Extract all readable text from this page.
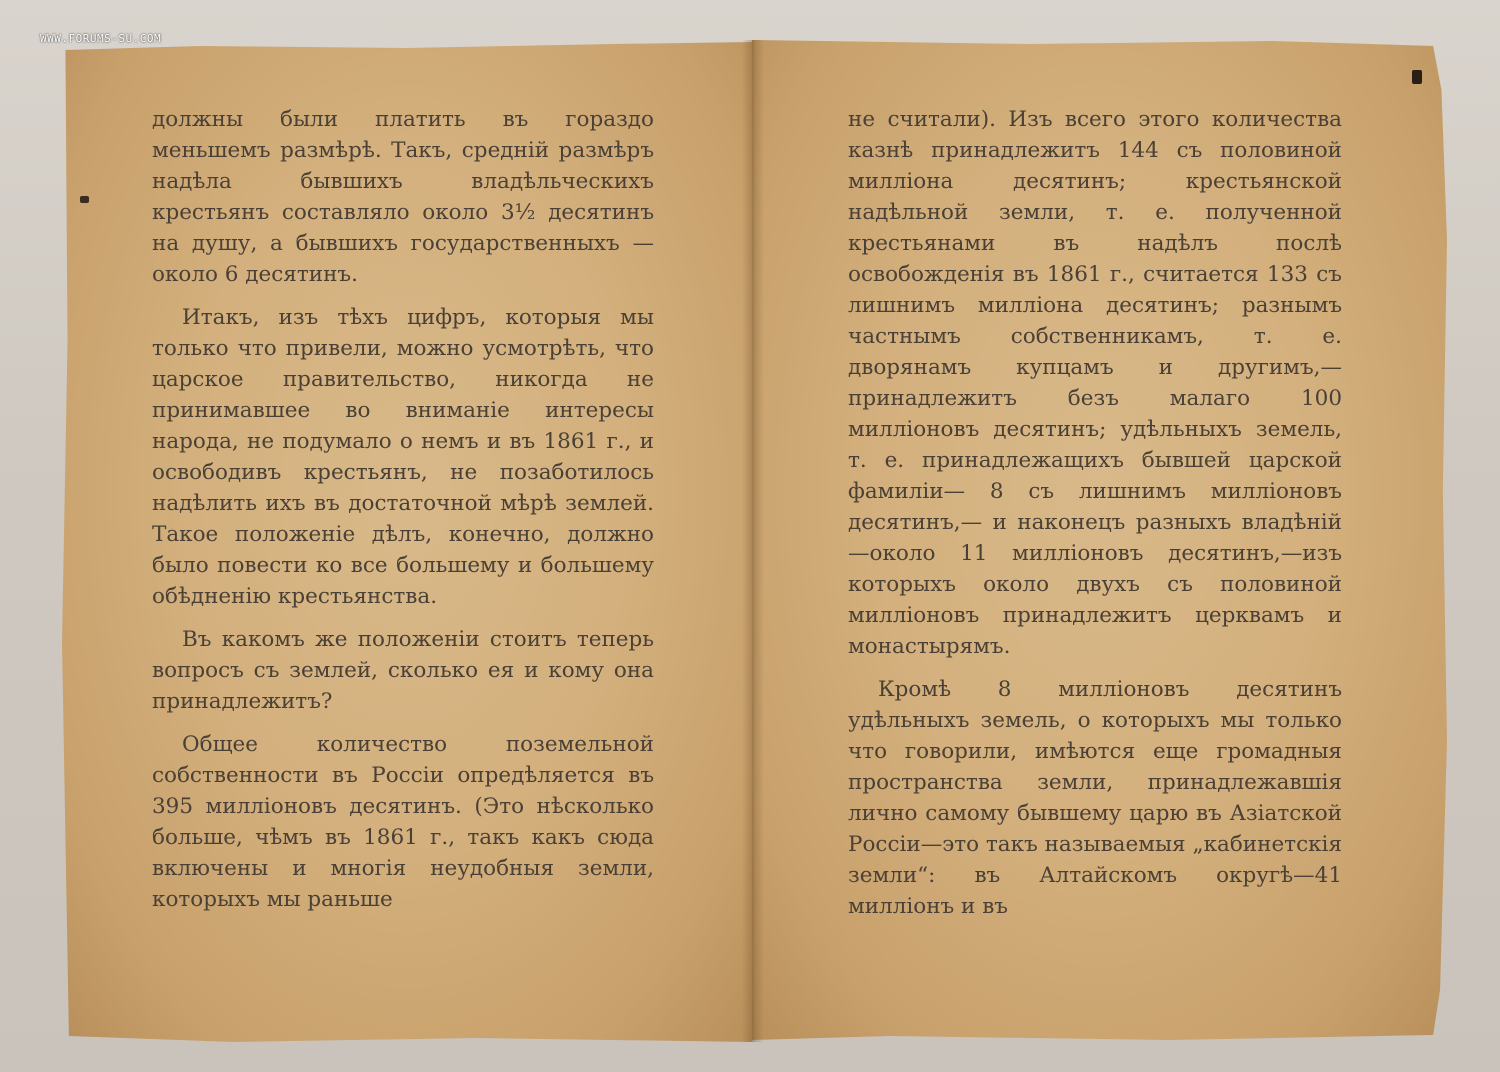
WWW.FORUMS-SU.COM

должны были платить въ гораздо меньшемъ размѣрѣ. Такъ, среднiй размѣръ надѣла бывшихъ владѣльческихъ крестьянъ составляло около 3½ десятинъ на душу, а бывшихъ государственныхъ — около 6 десятинъ.

Итакъ, изъ тѣхъ цифръ, которыя мы только что привели, можно усмотрѣть, что царское правительство, никогда не принимавшее во вниманiе интересы народа, не подумало о немъ и въ 1861 г., и освободивъ крестьянъ, не позаботилось надѣлить ихъ въ достаточной мѣрѣ землей. Такое положенiе дѣлъ, конечно, должно было повести ко все большему и большему обѣдненiю крестьянства.

Въ какомъ же положенiи стоитъ теперь вопросъ съ землей, сколько ея и кому она принадлежитъ?

Общее количество поземельной собственности въ Россiи опредѣляется въ 395 миллiоновъ десятинъ. (Это нѣсколько больше, чѣмъ въ 1861 г., такъ какъ сюда включены и многiя неудобныя земли, которыхъ мы раньше

не считали). Изъ всего этого количества казнѣ принадлежитъ 144 съ половиной миллiона десятинъ; крестьянской надѣльной земли, т. е. полученной крестьянами въ надѣлъ послѣ освобожденiя въ 1861 г., считается 133 съ лишнимъ миллiона десятинъ; разнымъ частнымъ собственникамъ, т. е. дворянамъ купцамъ и другимъ,—принадлежитъ безъ малаго 100 миллiоновъ десятинъ; удѣльныхъ земель, т. е. принадлежащихъ бывшей царской фамилiи— 8 съ лишнимъ миллiоновъ десятинъ,— и наконецъ разныхъ владѣнiй—около 11 миллiоновъ десятинъ,—изъ которыхъ около двухъ съ половиной миллiоновъ принадлежитъ церквамъ и монастырямъ.

Кромѣ 8 миллiоновъ десятинъ удѣльныхъ земель, о которыхъ мы только что говорили, имѣются еще громадныя пространства земли, принадлежавшiя лично самому бывшему царю въ Азiатской Россiи—это такъ называемыя „кабинетскiя земли“: въ Алтайскомъ округѣ—41 миллiонъ и въ
